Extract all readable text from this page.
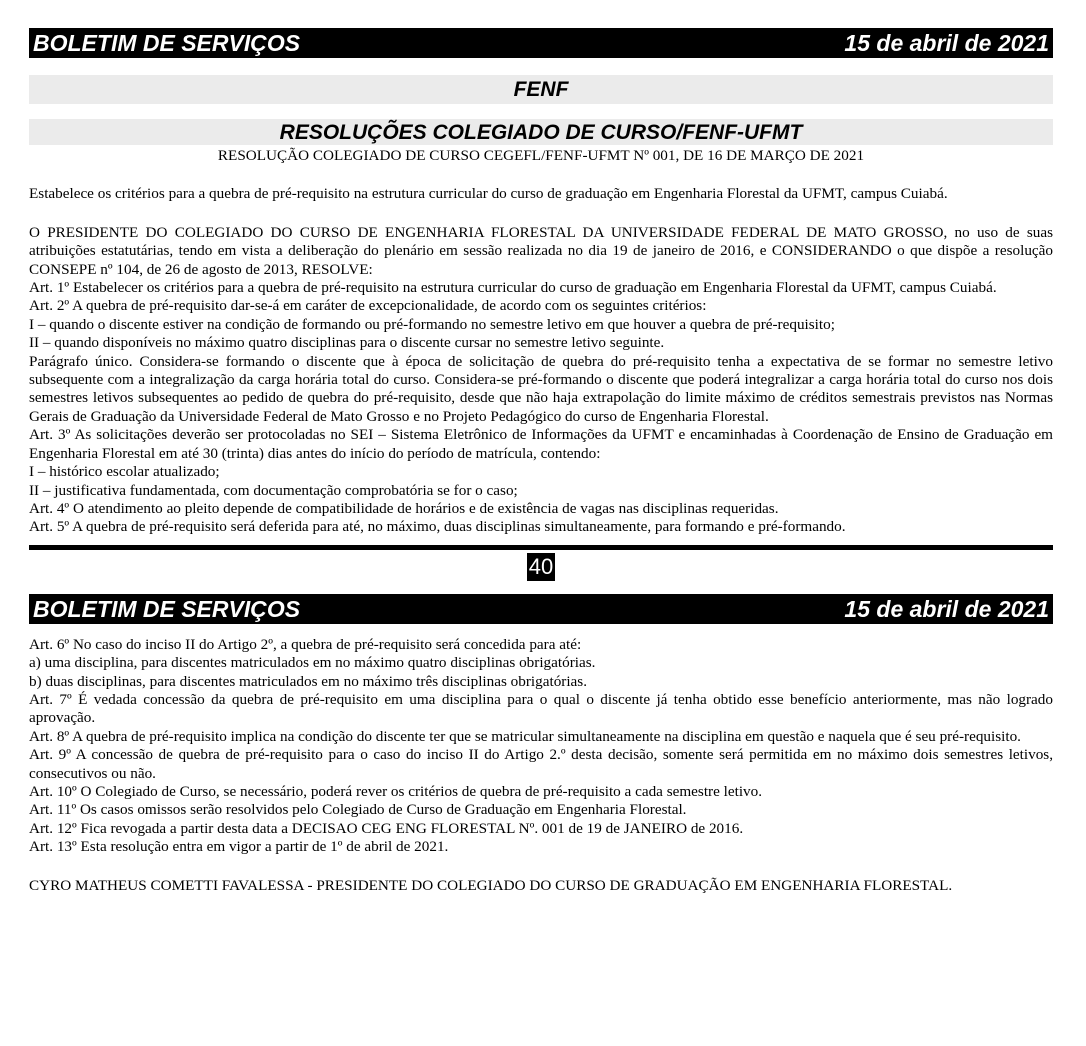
BOLETIM DE SERVIÇOS	15 de abril de 2021
FENF
RESOLUÇÕES COLEGIADO DE CURSO/FENF-UFMT

RESOLUÇÃO COLEGIADO DE CURSO CEGEFL/FENF-UFMT Nº 001, DE 16 DE MARÇO DE 2021

Estabelece os critérios para a quebra de pré-requisito na estrutura curricular do curso de graduação em Engenharia Florestal da UFMT, campus Cuiabá.

O PRESIDENTE DO COLEGIADO DO CURSO DE ENGENHARIA FLORESTAL DA UNIVERSIDADE FEDERAL DE MATO GROSSO, no uso de suas atribuições estatutárias, tendo em vista a deliberação do plenário em sessão realizada no dia 19 de janeiro de 2016, e CONSIDERANDO o que dispõe a resolução CONSEPE nº 104, de 26 de agosto de 2013, RESOLVE:

Art. 1º Estabelecer os critérios para a quebra de pré-requisito na estrutura curricular do curso de graduação em Engenharia Florestal da UFMT, campus Cuiabá.

Art. 2º A quebra de pré-requisito dar-se-á em caráter de excepcionalidade, de acordo com os seguintes critérios:

I – quando o discente estiver na condição de formando ou pré-formando no semestre letivo em que houver a quebra de pré-requisito;

II – quando disponíveis no máximo quatro disciplinas para o discente cursar no semestre letivo seguinte.

Parágrafo único. Considera-se formando o discente que à época de solicitação de quebra do pré-requisito tenha a expectativa de se formar no semestre letivo subsequente com a integralização da carga horária total do curso. Considera-se pré-formando o discente que poderá integralizar a carga horária total do curso nos dois semestres letivos subsequentes ao pedido de quebra do pré-requisito, desde que não haja extrapolação do limite máximo de créditos semestrais previstos nas Normas Gerais de Graduação da Universidade Federal de Mato Grosso e no Projeto Pedagógico do curso de Engenharia Florestal.

Art. 3º As solicitações deverão ser protocoladas no SEI – Sistema Eletrônico de Informações da UFMT e encaminhadas à Coordenação de Ensino de Graduação em Engenharia Florestal em até 30 (trinta) dias antes do início do período de matrícula, contendo:

I – histórico escolar atualizado;

II – justificativa fundamentada, com documentação comprobatória se for o caso;

Art. 4º O atendimento ao pleito depende de compatibilidade de horários e de existência de vagas nas disciplinas requeridas.

Art. 5º A quebra de pré-requisito será deferida para até, no máximo, duas disciplinas simultaneamente, para formando e pré-formando.

40
BOLETIM DE SERVIÇOS	15 de abril de 2021

Art. 6º No caso do inciso II do Artigo 2º, a quebra de pré-requisito será concedida para até:

a) uma disciplina, para discentes matriculados em no máximo quatro disciplinas obrigatórias.

b) duas disciplinas, para discentes matriculados em no máximo três disciplinas obrigatórias.

Art. 7º É vedada concessão da quebra de pré-requisito em uma disciplina para o qual o discente já tenha obtido esse benefício anteriormente, mas não logrado aprovação.

Art. 8º A quebra de pré-requisito implica na condição do discente ter que se matricular simultaneamente na disciplina em questão e naquela que é seu pré-requisito.

Art. 9º A concessão de quebra de pré-requisito para o caso do inciso II do Artigo 2.º desta decisão, somente será permitida em no máximo dois semestres letivos, consecutivos ou não.

Art. 10º O Colegiado de Curso, se necessário, poderá rever os critérios de quebra de pré-requisito a cada semestre letivo.

Art. 11º Os casos omissos serão resolvidos pelo Colegiado de Curso de Graduação em Engenharia Florestal.

Art. 12º Fica revogada a partir desta data a DECISAO CEG ENG FLORESTAL Nº. 001 de 19 de JANEIRO de 2016.

Art. 13º Esta resolução entra em vigor a partir de 1º de abril de 2021.

CYRO MATHEUS COMETTI FAVALESSA - PRESIDENTE DO COLEGIADO DO CURSO DE GRADUAÇÃO EM ENGENHARIA FLORESTAL.
